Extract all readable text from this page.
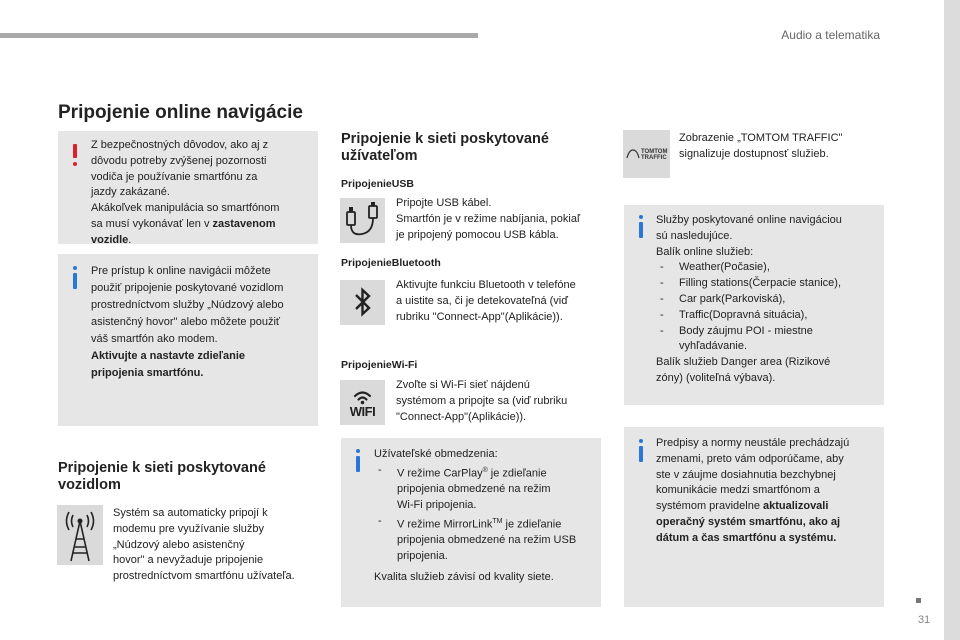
Audio a telematika
31
Pripojenie online navigácie
Z bezpečnostných dôvodov, ako aj z
dôvodu potreby zvýšenej pozornosti
vodiča je používanie smartfónu za
jazdy zakázané.
Akákoľvek manipulácia so smartfónom
sa musí vykonávať len v zastavenom
vozidle.
Pre prístup k online navigácii môžete
použiť pripojenie poskytované vozidlom
prostredníctvom služby „Núdzový alebo
asistenčný hovor" alebo môžete použiť
váš smartfón ako modem.
Aktivujte a nastavte zdieľanie
pripojenia smartfónu.
Pripojenie k sieti poskytované
vozidlom
Systém sa automaticky pripojí k
modemu pre využívanie služby
„Núdzový alebo asistenčný
hovor" a nevyžaduje pripojenie
prostredníctvom smartfónu užívateľa.
Pripojenie k sieti poskytované
užívateľom
PripojenieUSB
Pripojte USB kábel.
Smartfón je v režime nabíjania, pokiaľ
je pripojený pomocou USB kábla.
PripojenieBluetooth
Aktivujte funkciu Bluetooth v telefóne
a uistite sa, či je detekovateľná (viď
rubriku "Connect-App"(Aplikácie)).
PripojenieWi-Fi
WIFI
Zvoľte si Wi-Fi sieť nájdenú
systémom a pripojte sa (viď rubriku
"Connect-App"(Aplikácie)).
Užívateľské obmedzenia:
- V režime CarPlay® je zdieľanie
pripojenia obmedzené na režim
Wi-Fi pripojenia.
- V režime MirrorLink™ je zdieľanie
pripojenia obmedzené na režim USB
pripojenia.
Kvalita služieb závisí od kvality siete.
TOMTOM
TRAFFIC
Zobrazenie „TOMTOM TRAFFIC"
signalizuje dostupnosť služieb.
Služby poskytované online navigáciou
sú nasledujúce.
Balík online služieb:
- Weather(Počasie),
- Filling stations(Čerpacie stanice),
- Car park(Parkoviská),
- Traffic(Dopravná situácia),
- Body záujmu POI - miestne
vyhľadávanie.
Balík služieb Danger area (Rizikové
zóny) (voliteľná výbava).
Predpisy a normy neustále prechádzajú
zmenami, preto vám odporúčame, aby
ste v záujme dosiahnutia bezchybnej
komunikácie medzi smartfónom a
systémom pravidelne aktualizovali
operačný systém smartfónu, ako aj
dátum a čas smartfónu a systému.
